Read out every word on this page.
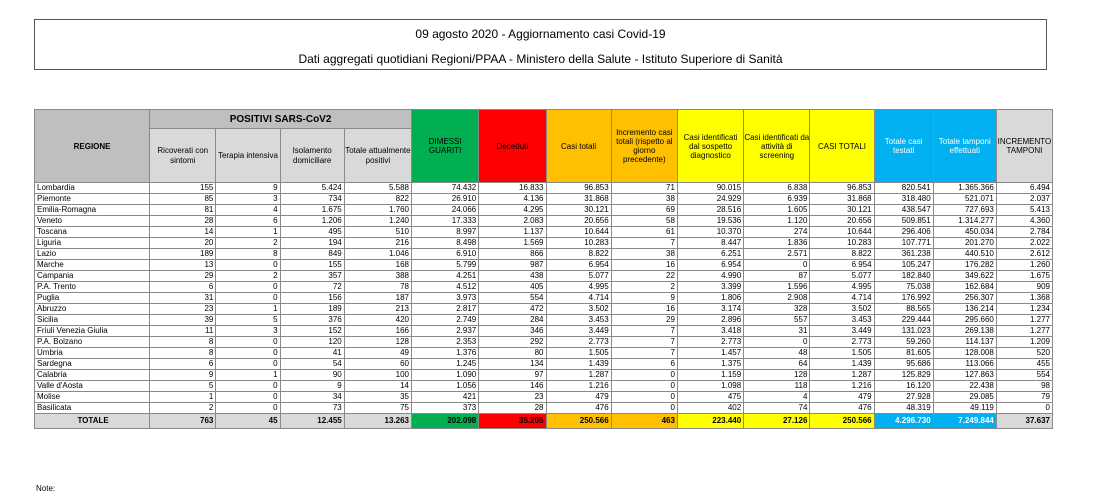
09 agosto 2020 - Aggiornamento casi Covid-19
Dati aggregati quotidiani Regioni/PPAA - Ministero della Salute - Istituto Superiore di Sanità
REGIONE	POSITIVI SARS-CoV2				DIMESSI GUARITI	Deceduti	Casi totali	Incremento casi totali (rispetto al giorno precedente)	Casi identificati dal sospetto diagnostico	Casi identificati da attività di screening	CASI TOTALI	Totale casi testati	Totale tamponi effettuati	INCREMENTO TAMPONI
	Ricoverati con sintomi	Terapia intensiva	Isolamento domiciliare	Totale attualmente positivi										
Lombardia	155	9	5.424	5.588	74.432	16.833	96.853	71	90.015	6.838	96.853	820.541	1.365.366	6.494
Piemonte	85	3	734	822	26.910	4.136	31.868	38	24.929	6.939	31.868	318.480	521.071	2.037
Emilia-Romagna	81	4	1.675	1.760	24.066	4.295	30.121	69	28.516	1.605	30.121	438.547	727.693	5.413
Veneto	28	6	1.206	1.240	17.333	2.083	20.656	58	19.536	1.120	20.656	509.851	1.314.277	4.360
Toscana	14	1	495	510	8.997	1.137	10.644	61	10.370	274	10.644	296.406	450.034	2.784
Liguria	20	2	194	216	8.498	1.569	10.283	7	8.447	1.836	10.283	107.771	201.270	2.022
Lazio	189	8	849	1.046	6.910	866	8.822	38	6.251	2.571	8.822	361.238	440.510	2.612
Marche	13	0	155	168	5.799	987	6.954	16	6.954	0	6.954	105.247	176.282	1.260
Campania	29	2	357	388	4.251	438	5.077	22	4.990	87	5.077	182.840	349.622	1.675
P.A. Trento	6	0	72	78	4.512	405	4.995	2	3.399	1.596	4.995	75.038	162.684	909
Puglia	31	0	156	187	3.973	554	4.714	9	1.806	2.908	4.714	176.992	256.307	1.368
Abruzzo	23	1	189	213	2.817	472	3.502	16	3.174	328	3.502	88.565	136.214	1.234
Sicilia	39	5	376	420	2.749	284	3.453	29	2.896	557	3.453	229.444	295.660	1.277
Friuli Venezia Giulia	11	3	152	166	2.937	346	3.449	7	3.418	31	3.449	131.023	269.138	1.277
P.A. Bolzano	8	0	120	128	2.353	292	2.773	7	2.773	0	2.773	59.260	114.137	1.209
Umbria	8	0	41	49	1.376	80	1.505	7	1.457	48	1.505	81.605	128.008	520
Sardegna	6	0	54	60	1.245	134	1.439	6	1.375	64	1.439	95.686	113.066	455
Calabria	9	1	90	100	1.090	97	1.287	0	1.159	128	1.287	125.829	127.863	554
Valle d'Aosta	5	0	9	14	1.056	146	1.216	0	1.098	118	1.216	16.120	22.438	98
Molise	1	0	34	35	421	23	479	0	475	4	479	27.928	29.085	79
Basilicata	2	0	73	75	373	28	476	0	402	74	476	48.319	49.119	0
TOTALE	763	45	12.455	13.263	202.098	35.205	250.566	463	223.440	27.126	250.566	4.296.730	7.249.844	37.637
Note:
